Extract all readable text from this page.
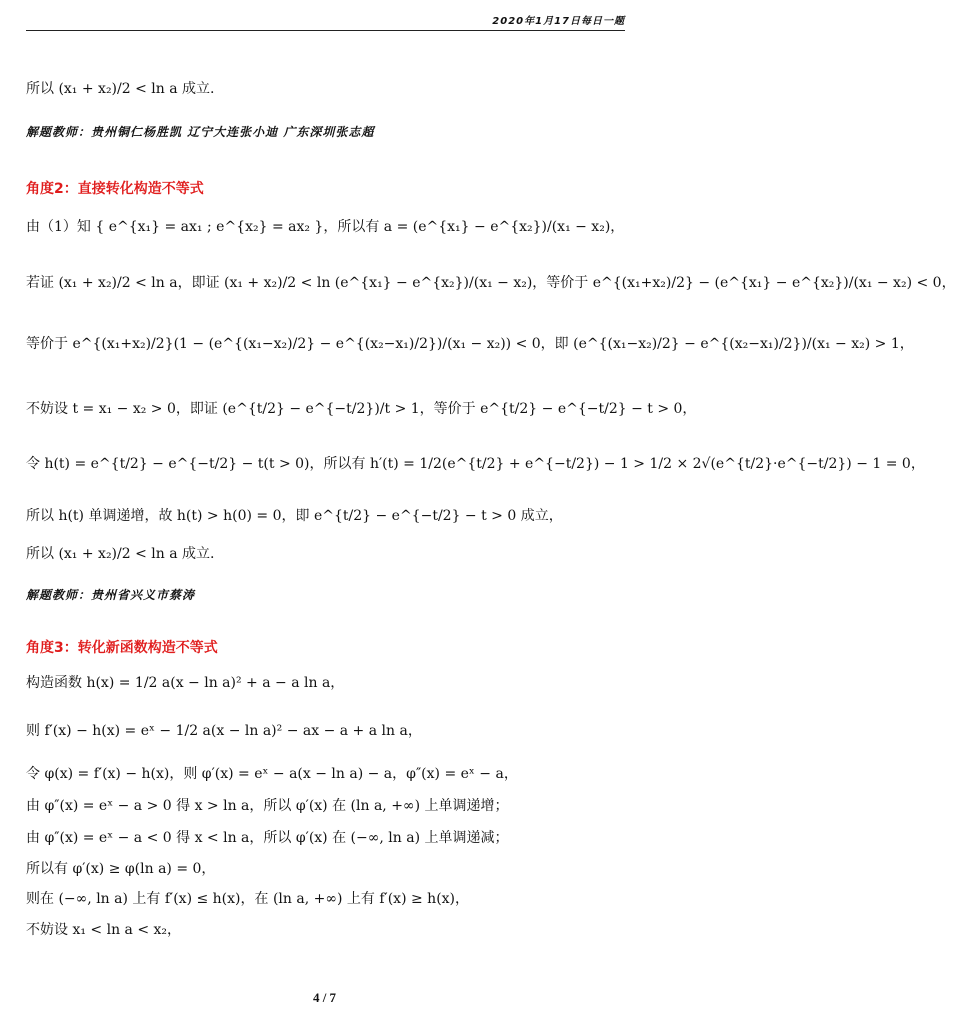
2020年1月17日每日一题
所以 (x₁ + x₂)/2 < ln a 成立.
解题教师：贵州铜仁杨胜凯 辽宁大连张小迪 广东深圳张志超
角度2：直接转化构造不等式
由（1）知 { e^{x₁} = ax₁ ; e^{x₂} = ax₂ }，所以有 a = (e^{x₁} − e^{x₂})/(x₁ − x₂)，
若证 (x₁ + x₂)/2 < ln a，即证 (x₁ + x₂)/2 < ln (e^{x₁} − e^{x₂})/(x₁ − x₂)，等价于 e^{(x₁+x₂)/2} − (e^{x₁} − e^{x₂})/(x₁ − x₂) < 0，
等价于 e^{(x₁+x₂)/2}(1 − (e^{(x₁−x₂)/2} − e^{(x₂−x₁)/2})/(x₁ − x₂)) < 0，即 (e^{(x₁−x₂)/2} − e^{(x₂−x₁)/2})/(x₁ − x₂) > 1，
不妨设 t = x₁ − x₂ > 0，即证 (e^{t/2} − e^{−t/2})/t > 1，等价于 e^{t/2} − e^{−t/2} − t > 0，
令 h(t) = e^{t/2} − e^{−t/2} − t(t > 0)，所以有 h′(t) = 1/2(e^{t/2} + e^{−t/2}) − 1 > 1/2 × 2√(e^{t/2}·e^{−t/2}) − 1 = 0，
所以 h(t) 单调递增，故 h(t) > h(0) = 0，即 e^{t/2} − e^{−t/2} − t > 0 成立，
所以 (x₁ + x₂)/2 < ln a 成立.
解题教师：贵州省兴义市蔡涛
角度3：转化新函数构造不等式
构造函数 h(x) = 1/2 a(x − ln a)² + a − a ln a，
则 f′(x) − h(x) = eˣ − 1/2 a(x − ln a)² − ax − a + a ln a，
令 φ(x) = f′(x) − h(x)，则 φ′(x) = eˣ − a(x − ln a) − a，φ″(x) = eˣ − a，
由 φ″(x) = eˣ − a > 0 得 x > ln a，所以 φ′(x) 在 (ln a, +∞) 上单调递增；
由 φ″(x) = eˣ − a < 0 得 x < ln a，所以 φ′(x) 在 (−∞, ln a) 上单调递减；
所以有 φ′(x) ≥ φ(ln a) = 0，
则在 (−∞, ln a) 上有 f′(x) ≤ h(x)，在 (ln a, +∞) 上有 f′(x) ≥ h(x)，
不妨设 x₁ < ln a < x₂，
4 / 7
